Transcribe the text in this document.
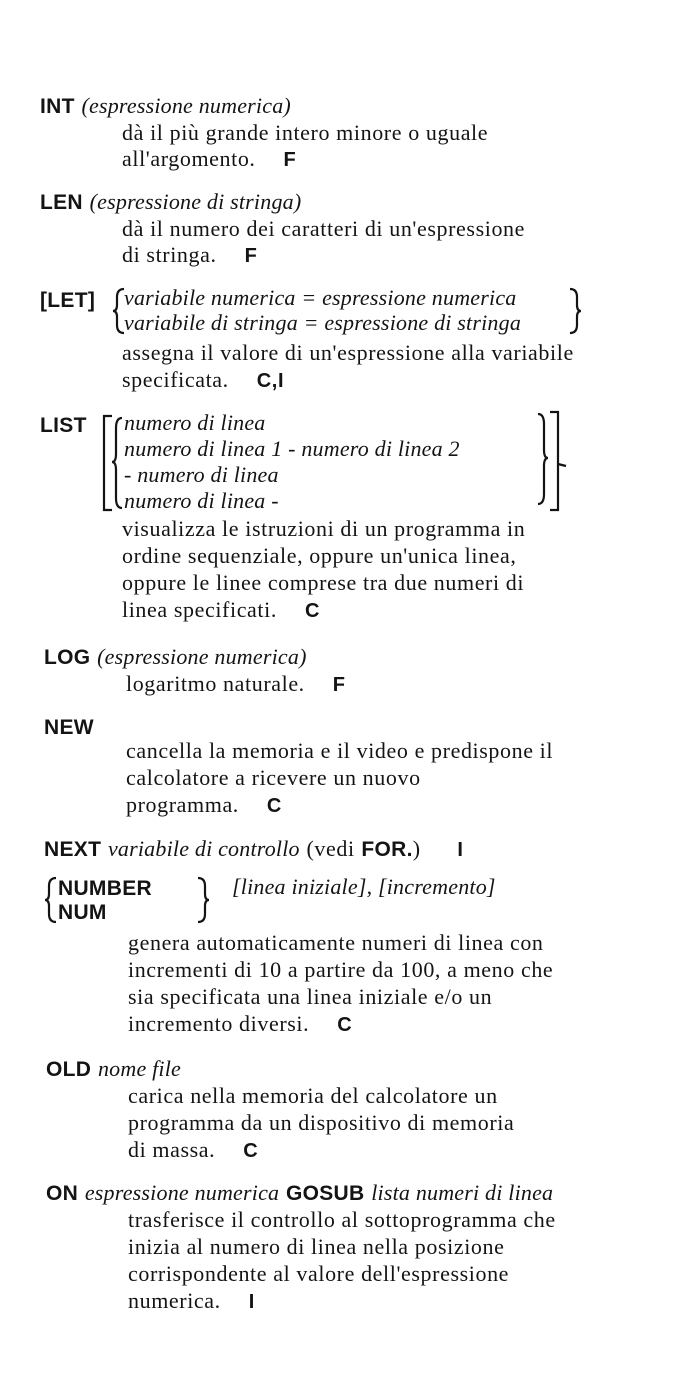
INT (espressione numerica)
dà il più grande intero minore o uguale
all'argomento. F
LEN (espressione di stringa)
dà il numero dei caratteri di un'espressione
di stringa. F
[LET] variabile numerica = espressione numerica
variabile di stringa = espressione di stringa
assegna il valore di un'espressione alla variabile
specificata. C,I
LIST numero di linea
numero di linea 1 - numero di linea 2
- numero di linea
numero di linea -
visualizza le istruzioni di un programma in
ordine sequenziale, oppure un'unica linea,
oppure le linee comprese tra due numeri di
linea specificati. C
LOG (espressione numerica)
logaritmo naturale. F
NEW
cancella la memoria e il video e predispone il
calcolatore a ricevere un nuovo
programma. C
NEXT variabile di controllo (vedi FOR.) I
NUMBER
NUM
[linea iniziale], [incremento]
genera automaticamente numeri di linea con
incrementi di 10 a partire da 100, a meno che
sia specificata una linea iniziale e/o un
incremento diversi. C
OLD nome file
carica nella memoria del calcolatore un
programma da un dispositivo di memoria
di massa. C
ON espressione numerica GOSUB lista numeri di linea
trasferisce il controllo al sottoprogramma che
inizia al numero di linea nella posizione
corrispondente al valore dell'espressione
numerica. I
